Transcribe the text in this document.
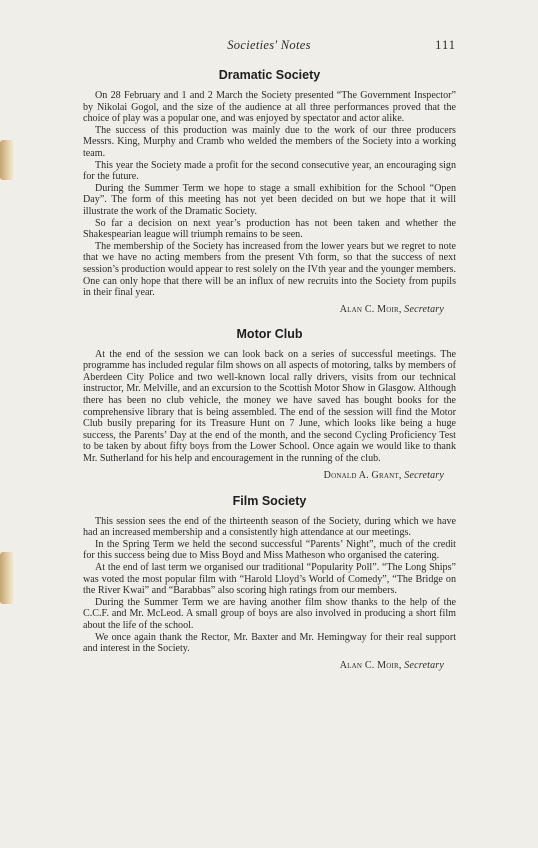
Societies' Notes	111
Dramatic Society

On 28 February and 1 and 2 March the Society presented “The Government Inspector” by Nikolai Gogol, and the size of the audience at all three performances proved that the choice of play was a popular one, and was enjoyed by spectator and actor alike.

The success of this production was mainly due to the work of our three producers Messrs. King, Murphy and Cramb who welded the members of the Society into a working team.

This year the Society made a profit for the second consecutive year, an encouraging sign for the future.

During the Summer Term we hope to stage a small exhibition for the School “Open Day”. The form of this meeting has not yet been decided on but we hope that it will illustrate the work of the Dramatic Society.

So far a decision on next year’s production has not been taken and whether the Shakespearian league will triumph remains to be seen.

The membership of the Society has increased from the lower years but we regret to note that we have no acting members from the present Vth form, so that the success of next session’s production would appear to rest solely on the IVth year and the younger members. One can only hope that there will be an influx of new recruits into the Society from pupils in their final year.

Alan C. Moir, Secretary
Motor Club

At the end of the session we can look back on a series of successful meetings. The programme has included regular film shows on all aspects of motoring, talks by members of Aberdeen City Police and two well-known local rally drivers, visits from our technical instructor, Mr. Melville, and an excursion to the Scottish Motor Show in Glasgow. Although there has been no club vehicle, the money we have saved has bought books for the comprehensive library that is being assembled. The end of the session will find the Motor Club busily preparing for its Treasure Hunt on 7 June, which looks like being a huge success, the Parents’ Day at the end of the month, and the second Cycling Proficiency Test to be taken by about fifty boys from the Lower School. Once again we would like to thank Mr. Sutherland for his help and encouragement in the running of the club.

Donald A. Grant, Secretary
Film Society

This session sees the end of the thirteenth season of the Society, during which we have had an increased membership and a consistently high attendance at our meetings.

In the Spring Term we held the second successful “Parents’ Night”, much of the credit for this success being due to Miss Boyd and Miss Matheson who organised the catering.

At the end of last term we organised our traditional “Popularity Poll”. “The Long Ships” was voted the most popular film with “Harold Lloyd’s World of Comedy”, “The Bridge on the River Kwai” and “Barabbas” also scoring high ratings from our members.

During the Summer Term we are having another film show thanks to the help of the C.C.F. and Mr. McLeod. A small group of boys are also involved in producing a short film about the life of the school.

We once again thank the Rector, Mr. Baxter and Mr. Hemingway for their real support and interest in the Society.

Alan C. Moir, Secretary
